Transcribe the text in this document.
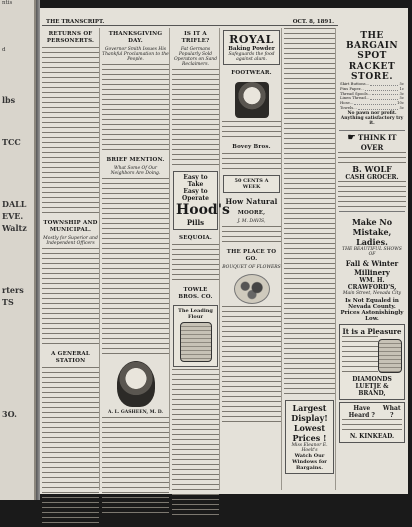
ntis
d
lbs
TCC
DALL
EVE.
Waltz
rters
TS
3O.
THE TRANSCRIPT.	OCT. 8, 1891.
RETURNS OF PERSONERTS.
TOWNSHIP AND MUNICIPAL.
Mostly for Superior and Independent Officers
A GENERAL STATION
THANKSGIVING DAY.
Governor Smith Issues His Thankful Proclamation to the People.
BRIEF MENTION.
What Some Of Our Neighbors Are Doing.
A. L. GASHEEN, M. D.
IS IT A TRIFLE?
Fat Germans Popularly Sold Operators on Sand Reclaimers.
Easy to Take
Easy to Operate
Hood's
Pills
SEQUOIA.
TOWLE BROS. CO.
The Leading Flour
ROYAL
Baking Powder
Safeguards the food against alum.
FOOTWEAR.
Bovey Bros.
50 CENTS A WEEK
How Natural
MOORE,
J. M. DAVIS,
THE PLACE TO GO.
BOUQUET OF FLOWERS
Largest Display!
Lowest Prices !
Miss Eleanor E. Hoelt's
Watch Our Windows for Bargains.
THE BARGAIN SPOT
RACKET STORE.
Skirt Buttons...	5c
Pins Paper...	1c
Thread Spools...	3c
Linen Thread...	5c
Hose...	10c
Towels...	5c
No pawn nor profit. Anything satisfactory try it.
☛ THINK IT OVER
B. WOLF
CASH GROCER.
Make No Mistake, Ladies.
THE BEAUTIFUL SHOWS OF
Fall & Winter Millinery
WM. H. CRAWFORD'S,
Main Street, Nevada City
Is Not Equaled in Nevada County.
Prices Astonishingly Low.
It is a Pleasure
DIAMONDS
LUETJE & BRAND,
Have Heard ?
What ?
N. KINKEAD.
